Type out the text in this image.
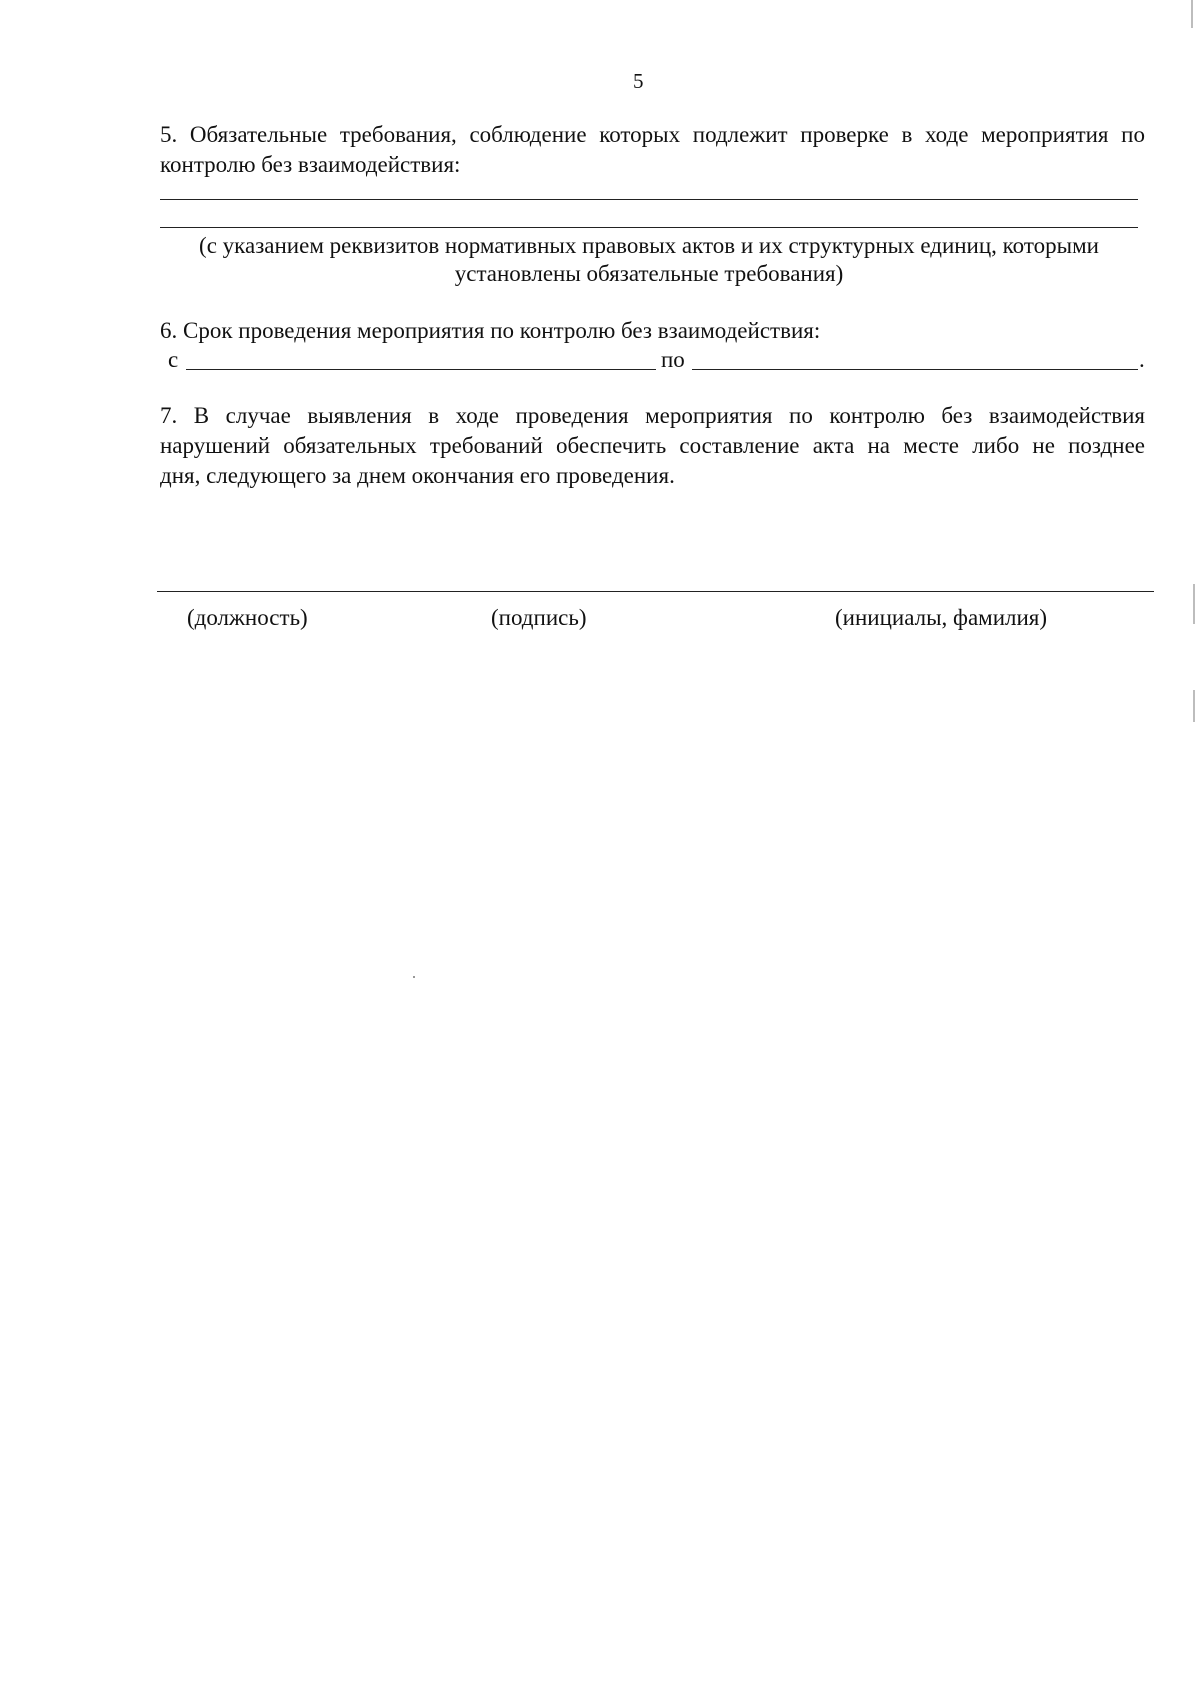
5
5. Обязательные требования, соблюдение которых подлежит проверке в ходе мероприятия по
контролю без взаимодействия:
(с указанием реквизитов нормативных правовых актов и их структурных единиц, которыми
установлены обязательные требования)
6. Срок проведения мероприятия по контролю без взаимодействия:
с	по	.
7. В случае выявления в ходе проведения мероприятия по контролю без взаимодействия
нарушений обязательных требований обеспечить составление акта на месте либо не позднее
дня, следующего за днем окончания его проведения.
(должность)	(подпись)	(инициалы, фамилия)
